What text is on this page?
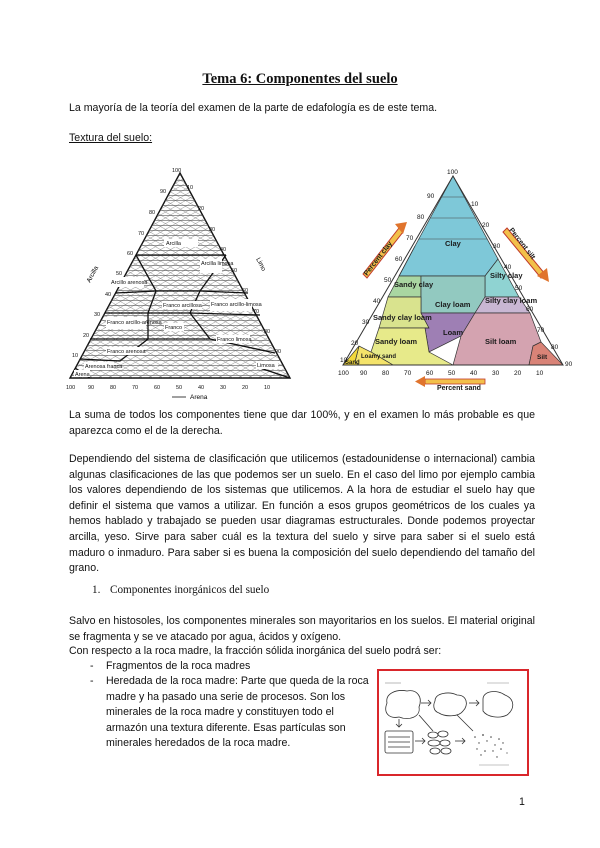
Tema 6: Componentes del suelo
La mayoría de la teoría del examen de la parte de edafología es de este tema.
Textura del suelo:
Arcilla
Arcilla limosa
Arcillo arenosa
Franco arcillosa Franco arcillo-limosa
Franco arcillo-arenosa
Franco
Franco limosa
Franco arenosa
Limosa
Arenosa franca
Arena
100
90
80
70
60
50
40
30
20
10
100 90	80	70	60	50	40	30	20	10
10
20
30
40
50
60
70
80
90
Arcilla
Limo
Arena
Clay
Silty clay
Sandy clay
Clay loam Silty clay loam
Sandy clay loam
Loam
Silt loam
Sandy loam
Loamy sand
Sand
Silt
100
90
80
70
60
50
40
30
20
10
10
20
30
40
50
60
70
80
90
100 90 80 70 60 50 40 30 20 10
Percent clay	Percent silt
Percent sand
La suma de todos los componentes tiene que dar 100%, y en el examen lo más probable es que aparezca como el de la derecha.
Dependiendo del sistema de clasificación que utilicemos (estadounidense o internacional) cambia algunas clasificaciones de las que podemos ser un suelo. En el caso del limo por ejemplo cambia los valores dependiendo de los sistemas que utilicemos. A la hora de estudiar el suelo hay que definir el sistema que vamos a utilizar. En función a esos grupos geométricos de los cuales ya hemos hablado y trabajado se pueden usar diagramas estructurales. Donde podemos proyectar arcilla, yeso. Sirve para saber cuál es la textura del suelo y sirve para saber si el suelo está maduro o inmaduro. Para saber si es buena la composición del suelo dependiendo del tamaño del grano.
1. Componentes inorgánicos del suelo
Salvo en histosoles, los componentes minerales son mayoritarios en los suelos. El material original se fragmenta y se ve atacado por agua, ácidos y oxígeno.
Con respecto a la roca madre, la fracción sólida inorgánica del suelo podrá ser:
- Fragmentos de la roca madres
- Heredada de la roca madre: Parte que queda de la roca madre y ha pasado una serie de procesos. Son los minerales de la roca madre y constituyen todo el armazón una textura diferente. Esas partículas son minerales heredados de la roca madre.
1
